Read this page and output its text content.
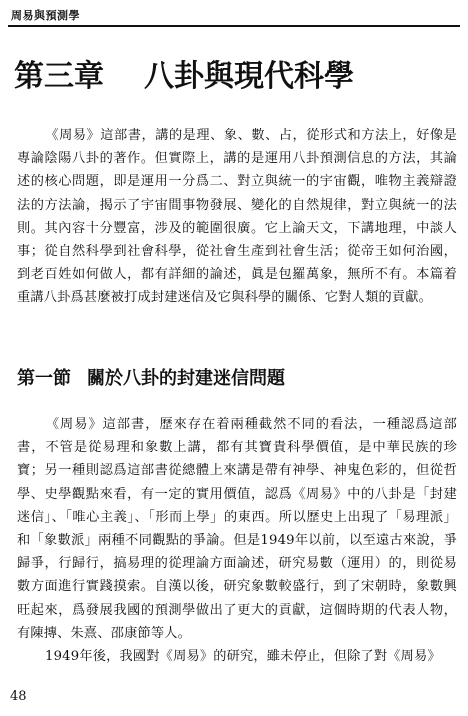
周易與預測學
第三章 八卦與現代科學

《周易》這部書，講的是理、象、數、占，從形式和方法上，好像是專論陰陽八卦的著作。但實際上，講的是運用八卦預測信息的方法，其論述的核心問題，即是運用一分爲二、對立與統一的宇宙觀，唯物主義辯證法的方法論，揭示了宇宙間事物發展、變化的自然規律，對立與統一的法則。其內容十分豐富，涉及的範圍很廣。它上論天文，下講地理，中談人事；從自然科學到社會科學，從社會生產到社會生活；從帝王如何治國，到老百姓如何做人，都有詳細的論述，眞是包羅萬象，無所不有。本篇着重講八卦爲甚麼被打成封建迷信及它與科學的關係、它對人類的貢獻。

第一節 關於八卦的封建迷信問題

《周易》這部書，歷來存在着兩種截然不同的看法，一種認爲這部書，不管是從易理和象數上講，都有其寶貴科學價值，是中華民族的珍寶；另一種則認爲這部書從總體上來講是帶有神學、神鬼色彩的，但從哲學、史學觀點來看，有一定的實用價值，認爲《周易》中的八卦是「封建迷信」、「唯心主義」、「形而上學」的東西。所以歷史上出現了「易理派」和「象數派」兩種不同觀點的爭論。但是1949年以前，以至遠古來說，爭歸爭，行歸行，搞易理的從理論方面論述，研究易數（運用）的，則從易數方面進行實踐摸索。自漢以後，研究象數較盛行，到了宋朝時，象數興旺起來，爲發展我國的預測學做出了更大的貢獻，這個時期的代表人物，有陳摶、朱熹、邵康節等人。

1949年後，我國對《周易》的研究，雖未停止，但除了對《周易》

48
